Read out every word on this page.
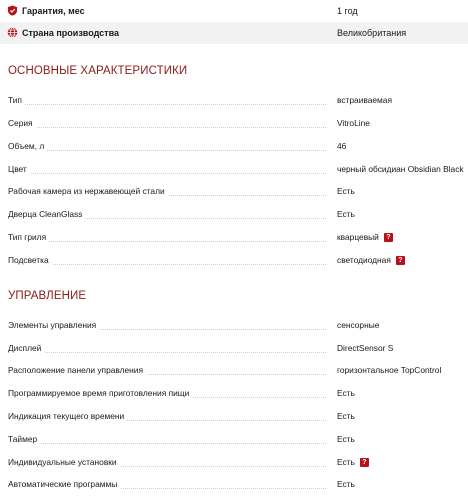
Гарантия, мес	1 год
Страна производства	Великобритания
ОСНОВНЫЕ ХАРАКТЕРИСТИКИ
Тип	встраиваемая
Серия	VitroLine
Объем, л	46
Цвет	черный обсидиан Obsidian Black
Рабочая камера из нержавеющей стали	Есть
Дверца CleanGlass	Есть
Тип гриля	кварцевый	?
Подсветка	светодиодная	?
УПРАВЛЕНИЕ
Элементы управления	сенсорные
Дисплей	DirectSensor S
Расположение панели управления	горизонтальное TopControl
Программируемое время приготовления пищи	Есть
Индикация текущего времени	Есть
Таймер	Есть
Индивидуальные установки	Есть	?
Автоматические программы	Есть
